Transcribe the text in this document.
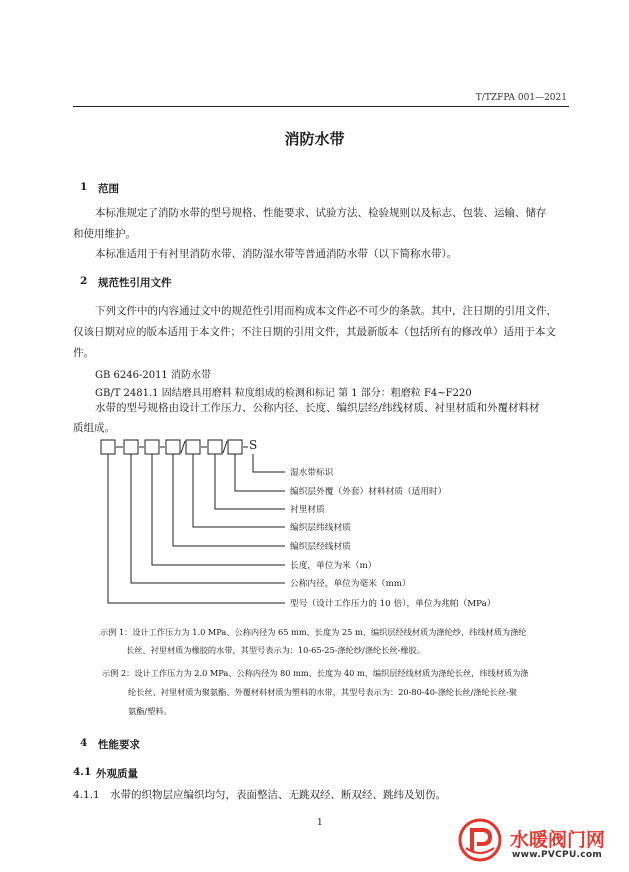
T/TZFPA 001—2021
消防水带
1 范围
本标准规定了消防水带的型号规格、性能要求、试验方法、检验规则以及标志、包装、运输、储存
和使用维护。
本标准适用于有衬里消防水带、消防湿水带等普通消防水带（以下简称水带）。
2 规范性引用文件
下列文件中的内容通过文中的规范性引用而构成本文件必不可少的条款。其中，注日期的引用文件，
仅该日期对应的版本适用于本文件；不注日期的引用文件，其最新版本（包括所有的修改单）适用于本文
件。
GB 6246-2011 消防水带
GB/T 2481.1 固结磨具用磨料 粒度组成的检测和标记 第 1 部分：粗磨粒 F4~F220
水带的型号规格由设计工作压力、公称内径、长度、编织层经/纬线材质、衬里材质和外覆材料材
质组成。
S
湿水带标识
编织层外覆（外套）材料材质（适用时）
衬里材质
编织层纬线材质
编织层经线材质
长度，单位为米（m）
公称内径，单位为毫米（mm）
型号（设计工作压力的 10 倍），单位为兆帕（MPa）
示例 1：设计工作压力为 1.0 MPa、公称内径为 65 mm、长度为 25 m、编织层经线材质为涤纶纱，纬线材质为涤纶
长丝、衬里材质为橡胶的水带，其型号表示为：10-65-25-涤纶纱/涤纶长丝-橡胶。
示例 2：设计工作压力为 2.0 MPa、公称内径为 80 mm、长度为 40 m、编织层经线材质为涤纶长丝，纬线材质为涤
纶长丝、衬里材质为聚氨酯、外覆材料材质为塑料的水带，其型号表示为：20-80-40-涤纶长丝/涤纶长丝-聚
氨酯/塑料。
4 性能要求
4.1 外观质量
4.1.1 水带的织物层应编织均匀，表面整洁、无跳双经、断双经、跳纬及划伤。
1
水暖阀门网
www.PVCPU.com
